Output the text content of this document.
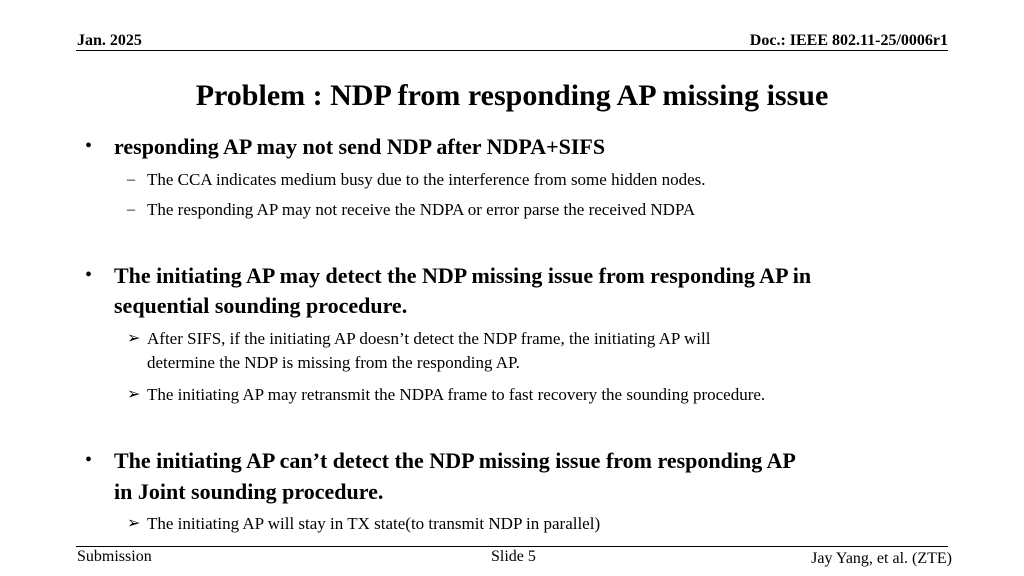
Jan. 2025	Doc.: IEEE 802.11-25/0006r1
Problem : NDP from responding AP missing issue
• responding AP may not send NDP after NDPA+SIFS
– The CCA indicates medium busy due to the interference from some hidden nodes.
– The responding AP may not receive the NDPA or error parse the received NDPA
• The initiating AP may detect the NDP missing issue from responding AP in
sequential sounding procedure.
➢ After SIFS, if the initiating AP doesn’t detect the NDP frame, the initiating AP will
determine the NDP is missing from the responding AP.
➢ The initiating AP may retransmit the NDPA frame to fast recovery the sounding procedure.
• The initiating AP can’t detect the NDP missing issue from responding AP
in Joint sounding procedure.
➢ The initiating AP will stay in TX state(to transmit NDP in parallel)
Submission	Slide 5	Jay Yang, et al. (ZTE)
